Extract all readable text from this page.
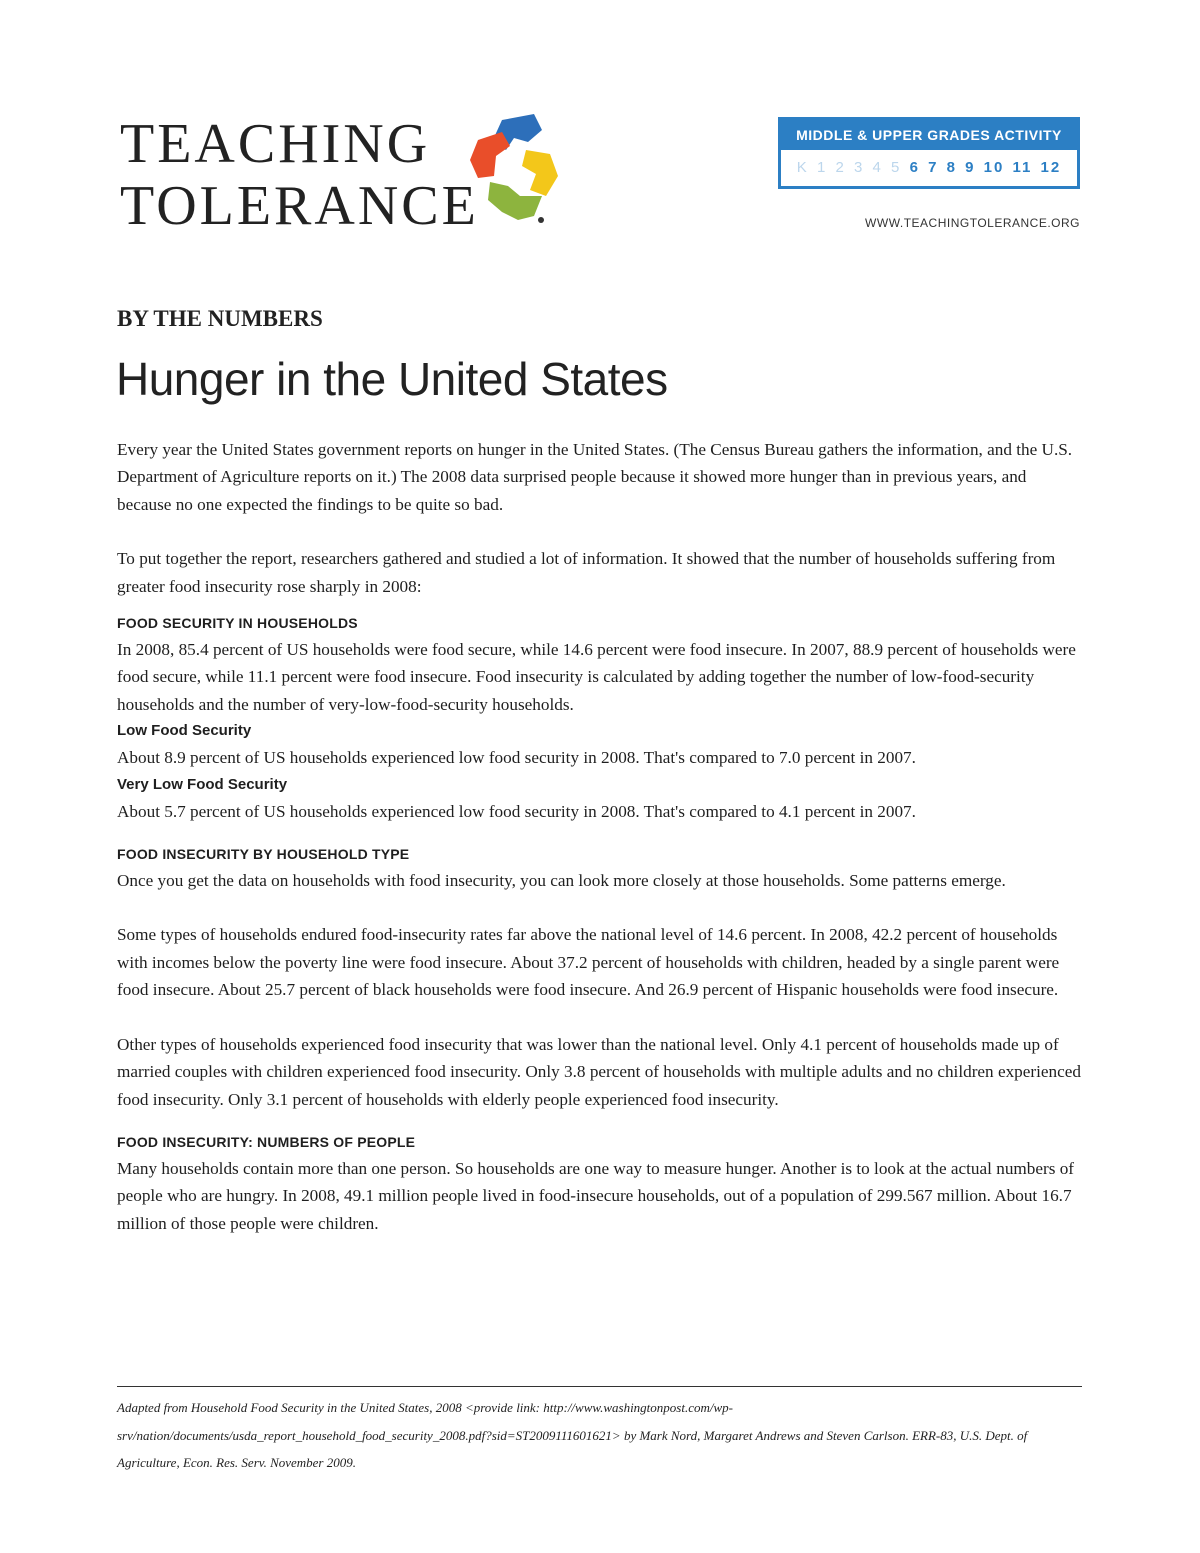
TEACHING
TOLERANCE
MIDDLE & UPPER GRADES ACTIVITY
K 1 2 3 4 5 6 7 8 9 10 11 12
WWW.TEACHINGTOLERANCE.ORG
BY THE NUMBERS
Hunger in the United States

Every year the United States government reports on hunger in the United States. (The Census Bureau gathers the information, and the U.S. Department of Agriculture reports on it.) The 2008 data surprised people because it showed more hunger than in previous years, and because no one expected the findings to be quite so bad.

To put together the report, researchers gathered and studied a lot of information. It showed that the number of households suffering from greater food insecurity rose sharply in 2008:

FOOD SECURITY IN HOUSEHOLDS

In 2008, 85.4 percent of US households were food secure, while 14.6 percent were food insecure. In 2007, 88.9 percent of households were food secure, while 11.1 percent were food insecure. Food insecurity is calculated by adding together the number of low-food-security households and the number of very-low-food-security households.

Low Food Security

About 8.9 percent of US households experienced low food security in 2008. That's compared to 7.0 percent in 2007.

Very Low Food Security

About 5.7 percent of US households experienced low food security in 2008. That's compared to 4.1 percent in 2007.

FOOD INSECURITY BY HOUSEHOLD TYPE

Once you get the data on households with food insecurity, you can look more closely at those households. Some patterns emerge.

Some types of households endured food-insecurity rates far above the national level of 14.6 percent. In 2008, 42.2 percent of households with incomes below the poverty line were food insecure. About 37.2 percent of households with children, headed by a single parent were food insecure. About 25.7 percent of black households were food insecure. And 26.9 percent of Hispanic households were food insecure.

Other types of households experienced food insecurity that was lower than the national level. Only 4.1 percent of households made up of married couples with children experienced food insecurity. Only 3.8 percent of households with multiple adults and no children experienced food insecurity. Only 3.1 percent of households with elderly people experienced food insecurity.

FOOD INSECURITY: NUMBERS OF PEOPLE

Many households contain more than one person. So households are one way to measure hunger. Another is to look at the actual numbers of people who are hungry. In 2008, 49.1 million people lived in food-insecure households, out of a population of 299.567 million. About 16.7 million of those people were children.

Adapted from Household Food Security in the United States, 2008 <provide link: http://www.washingtonpost.com/wp-srv/nation/documents/usda_report_household_food_security_2008.pdf?sid=ST2009111601621> by Mark Nord, Margaret Andrews and Steven Carlson. ERR-83, U.S. Dept. of Agriculture, Econ. Res. Serv. November 2009.
